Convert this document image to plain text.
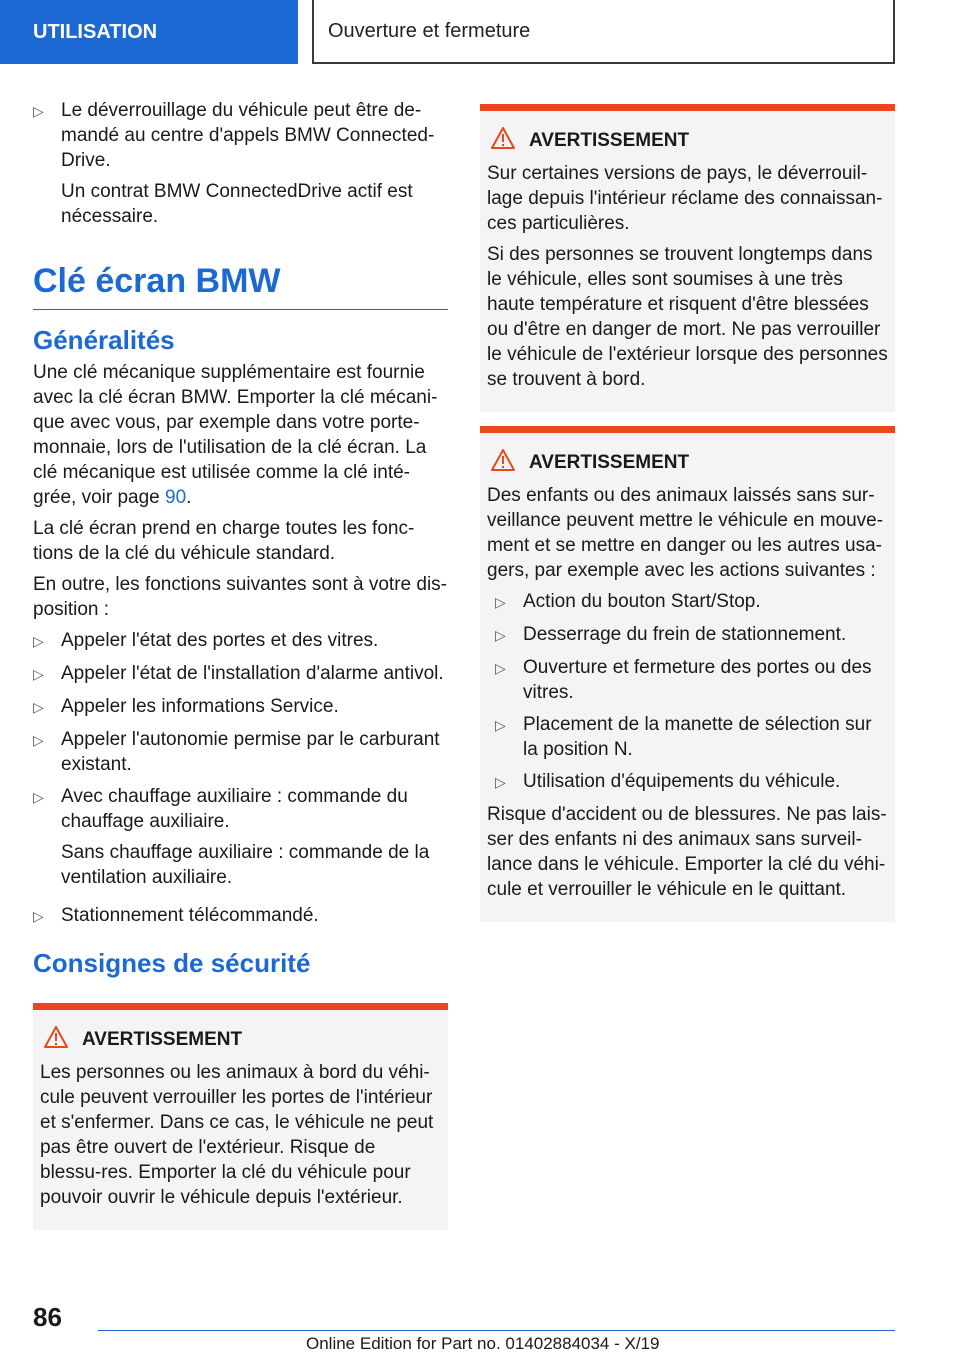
UTILISATION	Ouverture et fermeture
▷ Le déverrouillage du véhicule peut être de-mandé au centre d'appels BMW Connected-Drive.

Un contrat BMW ConnectedDrive actif est nécessaire.

Clé écran BMW
Généralités

Une clé mécanique supplémentaire est fournie avec la clé écran BMW. Emporter la clé mécani-que avec vous, par exemple dans votre porte-monnaie, lors de l'utilisation de la clé écran. La clé mécanique est utilisée comme la clé inté-grée, voir page 90.

La clé écran prend en charge toutes les fonc-tions de la clé du véhicule standard.

En outre, les fonctions suivantes sont à votre dis-position :

▷ Appeler l'état des portes et des vitres.
▷ Appeler l'état de l'installation d'alarme antivol.
▷ Appeler les informations Service.
▷ Appeler l'autonomie permise par le carburant existant.
▷ Avec chauffage auxiliaire : commande du chauffage auxiliaire.

Sans chauffage auxiliaire : commande de la ventilation auxiliaire.

▷ Stationnement télécommandé.
Consignes de sécurité
AVERTISSEMENT

Les personnes ou les animaux à bord du véhi-cule peuvent verrouiller les portes de l'intérieur et s'enfermer. Dans ce cas, le véhicule ne peut pas être ouvert de l'extérieur. Risque de blessu-res. Emporter la clé du véhicule pour pouvoir ouvrir le véhicule depuis l'extérieur.

AVERTISSEMENT

Sur certaines versions de pays, le déverrouil-lage depuis l'intérieur réclame des connaissan-ces particulières.

Si des personnes se trouvent longtemps dans le véhicule, elles sont soumises à une très haute température et risquent d'être blessées ou d'être en danger de mort. Ne pas verrouiller le véhicule de l'extérieur lorsque des personnes se trouvent à bord.

AVERTISSEMENT

Des enfants ou des animaux laissés sans sur-veillance peuvent mettre le véhicule en mouve-ment et se mettre en danger ou les autres usa-gers, par exemple avec les actions suivantes :

▷ Action du bouton Start/Stop.
▷ Desserrage du frein de stationnement.
▷ Ouverture et fermeture des portes ou des vitres.
▷ Placement de la manette de sélection sur la position N.
▷ Utilisation d'équipements du véhicule.

Risque d'accident ou de blessures. Ne pas lais-ser des enfants ni des animaux sans surveil-lance dans le véhicule. Emporter la clé du véhi-cule et verrouiller le véhicule en le quittant.

86
Online Edition for Part no. 01402884034 - X/19
